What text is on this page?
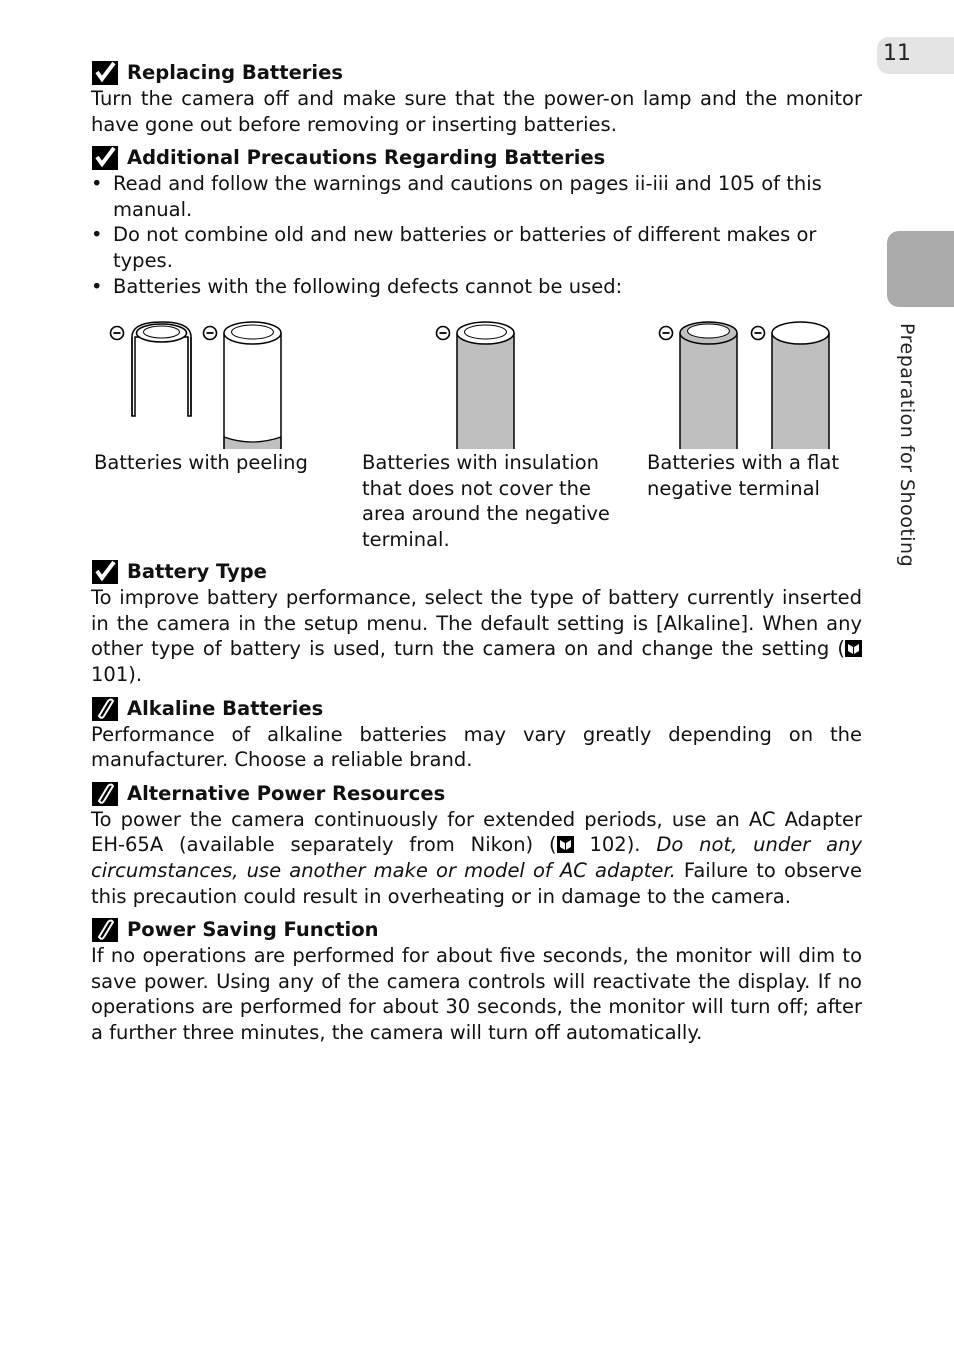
11
Preparation for Shooting
Replacing Batteries

Turn the camera off and make sure that the power-on lamp and the monitor have gone out before removing or inserting batteries.

Additional Precautions Regarding Batteries
• Read and follow the warnings and cautions on pages ii-iii and 105 of this manual.
• Do not combine old and new batteries or batteries of different makes or types.
• Batteries with the following defects cannot be used:
Batteries with peeling	Batteries with insulation that does not cover the area around the negative terminal.
Batteries with a flat negative terminal
Battery Type

To improve battery performance, select the type of battery currently inserted in the camera in the setup menu. The default setting is [Alkaline]. When any other type of battery is used, turn the camera on and change the setting ( 101).

Alkaline Batteries

Performance of alkaline batteries may vary greatly depending on the manufacturer. Choose a reliable brand.

Alternative Power Resources

To power the camera continuously for extended periods, use an AC Adapter EH-65A (available separately from Nikon) ( 102). Do not, under any circumstances, use another make or model of AC adapter. Failure to observe this precaution could result in overheating or in damage to the camera.

Power Saving Function

If no operations are performed for about five seconds, the monitor will dim to save power. Using any of the camera controls will reactivate the display. If no operations are performed for about 30 seconds, the monitor will turn off; after a further three minutes, the camera will turn off automatically.
